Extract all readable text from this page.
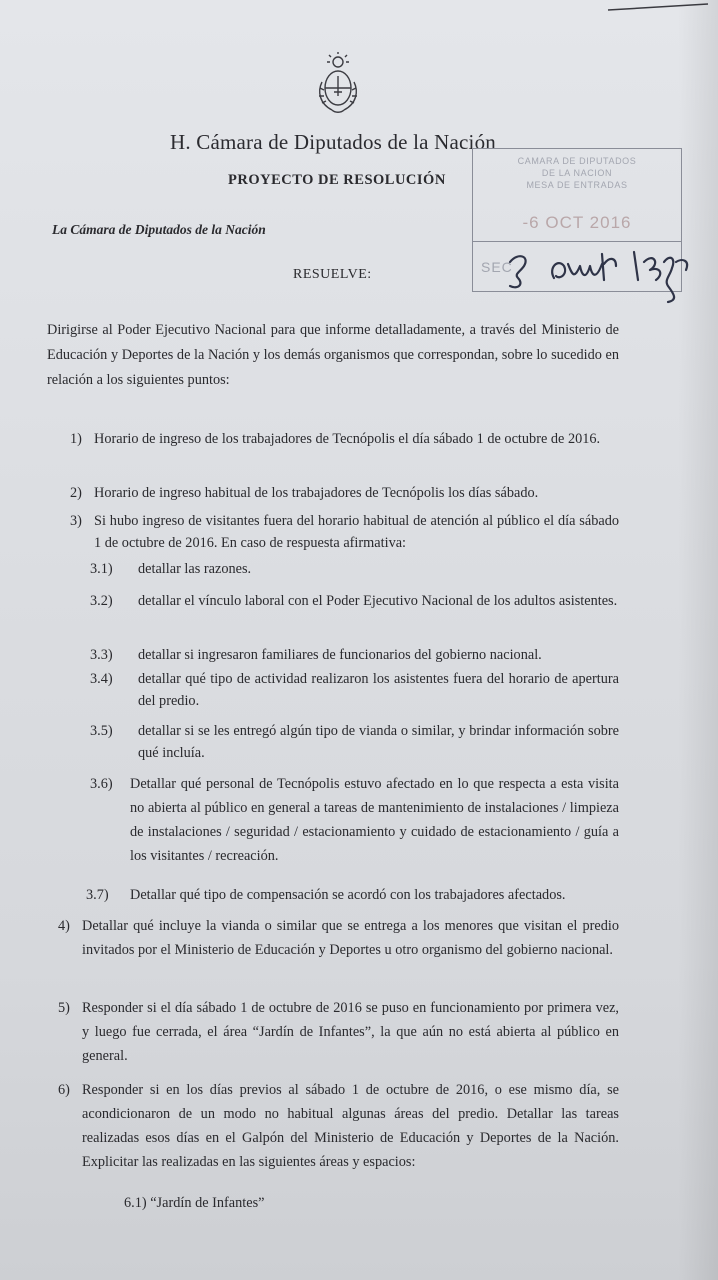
H. Cámara de Diputados de la Nación
PROYECTO DE RESOLUCIÓN
La Cámara de Diputados de la Nación
RESUELVE:
CAMARA DE DIPUTADOS
DE LA NACION
MESA DE ENTRADAS
-6 OCT 2016
SEC
Dirigirse al Poder Ejecutivo Nacional para que informe detalladamente, a través del Ministerio de Educación y Deportes de la Nación y los demás organismos que correspondan, sobre lo sucedido en relación a los siguientes puntos:
1) Horario de ingreso de los trabajadores de Tecnópolis el día sábado 1 de octubre de 2016.
2) Horario de ingreso habitual de los trabajadores de Tecnópolis los días sábado.
3) Si hubo ingreso de visitantes fuera del horario habitual de atención al público el día sábado 1 de octubre de 2016. En caso de respuesta afirmativa:
3.1)	detallar las razones.
3.2)	detallar el vínculo laboral con el Poder Ejecutivo Nacional de los adultos asistentes.
3.3)	detallar si ingresaron familiares de funcionarios del gobierno nacional.
3.4)	detallar qué tipo de actividad realizaron los asistentes fuera del horario de apertura del predio.
3.5)	detallar si se les entregó algún tipo de vianda o similar, y brindar información sobre qué incluía.
3.6)	Detallar qué personal de Tecnópolis estuvo afectado en lo que respecta a esta visita no abierta al público en general a tareas de mantenimiento de instalaciones / limpieza de instalaciones / seguridad / estacionamiento y cuidado de estacionamiento / guía a los visitantes / recreación.
3.7)	Detallar qué tipo de compensación se acordó con los trabajadores afectados.
4) Detallar qué incluye la vianda o similar que se entrega a los menores que visitan el predio invitados por el Ministerio de Educación y Deportes u otro organismo del gobierno nacional.
5) Responder si el día sábado 1 de octubre de 2016 se puso en funcionamiento por primera vez, y luego fue cerrada, el área “Jardín de Infantes”, la que aún no está abierta al público en general.
6) Responder si en los días previos al sábado 1 de octubre de 2016, o ese mismo día, se acondicionaron de un modo no habitual algunas áreas del predio. Detallar las tareas realizadas esos días en el Galpón del Ministerio de Educación y Deportes de la Nación. Explicitar las realizadas en las siguientes áreas y espacios:
6.1) “Jardín de Infantes”
